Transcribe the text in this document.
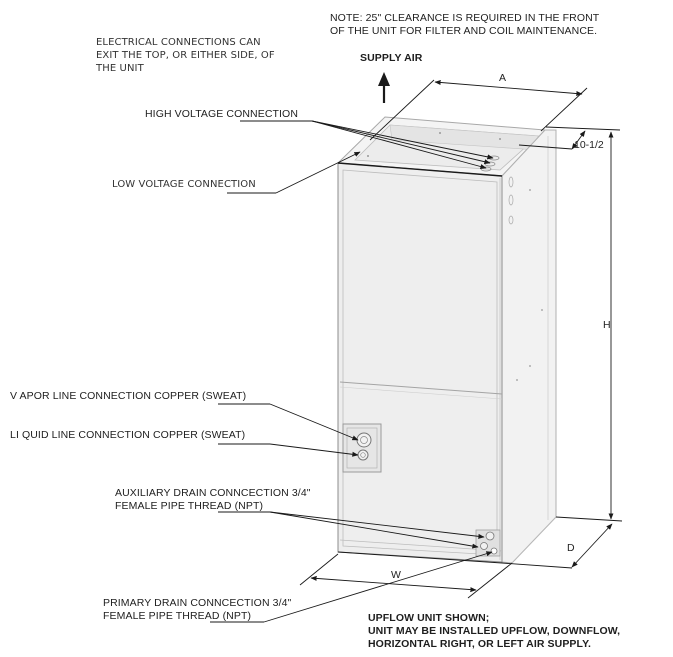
NOTE: 25" CLEARANCE IS REQUIRED IN THE FRONT
OF THE UNIT FOR FILTER AND COIL MAINTENANCE.
ELECTRICAL CONNECTIONS CAN
EXIT THE TOP, OR EITHER SIDE, OF
THE UNIT
SUPPLY AIR
HIGH VOLTAGE CONNECTION
LOW VOLTAGE CONNECTION
V APOR LINE CONNECTION COPPER (SWEAT)
LI QUID LINE CONNECTION COPPER (SWEAT)
AUXILIARY DRAIN CONNCECTION 3/4"
FEMALE PIPE THREAD (NPT)
PRIMARY DRAIN CONNCECTION 3/4"
FEMALE PIPE THREAD (NPT)	UPFLOW UNIT SHOWN;
UNIT MAY BE INSTALLED UPFLOW, DOWNFLOW,
HORIZONTAL RIGHT, OR LEFT AIR SUPPLY.
A
10-1/2
H
W
D
